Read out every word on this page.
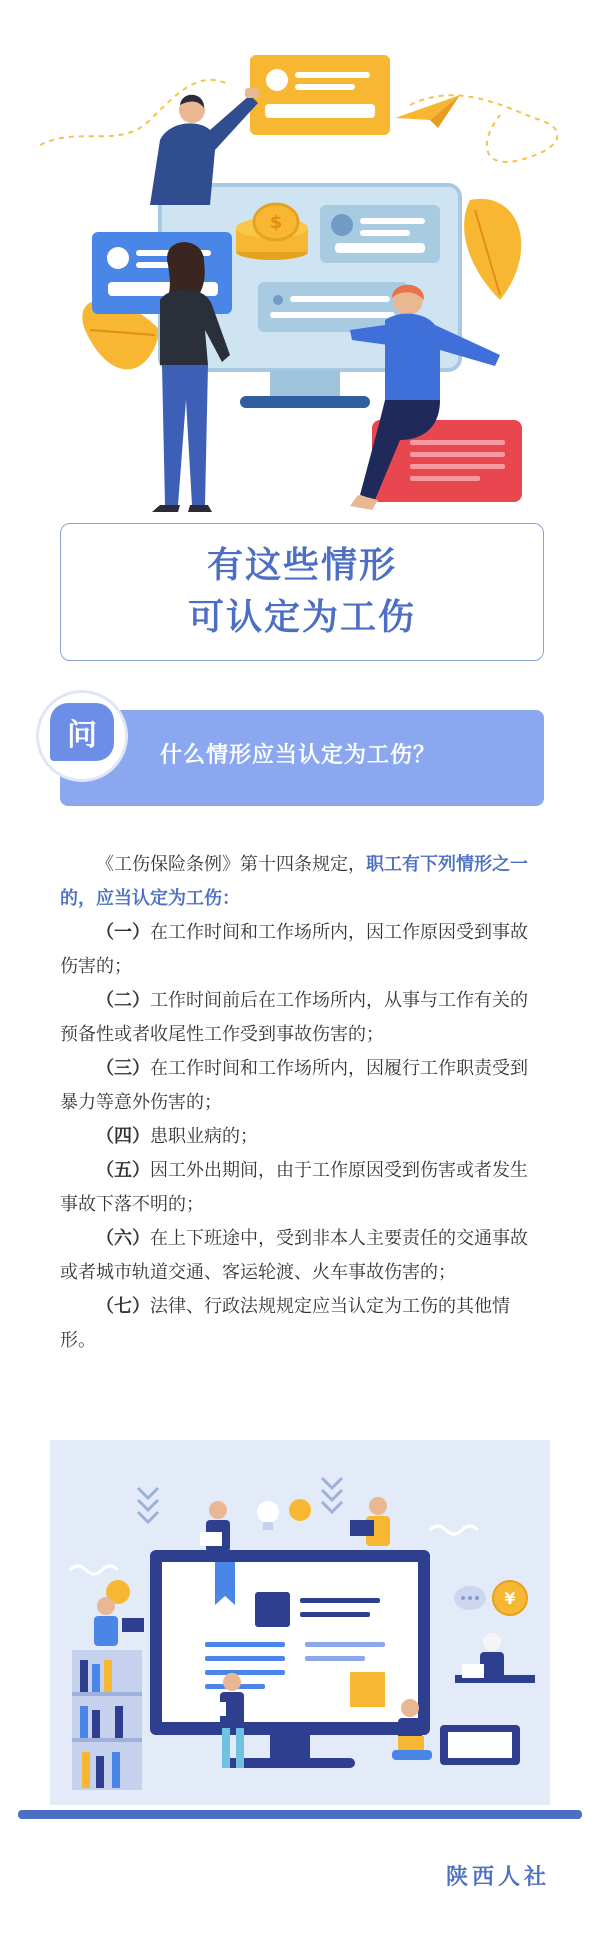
$
有这些情形
可认定为工伤
问
什么情形应当认定为工伤？

《工伤保险条例》第十四条规定，职工有下列情形之一的，应当认定为工伤：

（一）在工作时间和工作场所内，因工作原因受到事故伤害的；

（二）工作时间前后在工作场所内，从事与工作有关的预备性或者收尾性工作受到事故伤害的；

（三）在工作时间和工作场所内，因履行工作职责受到暴力等意外伤害的；

（四）患职业病的；

（五）因工外出期间，由于工作原因受到伤害或者发生事故下落不明的；

（六）在上下班途中，受到非本人主要责任的交通事故或者城市轨道交通、客运轮渡、火车事故伤害的；

（七）法律、行政法规规定应当认定为工伤的其他情形。

¥
陕西人社
